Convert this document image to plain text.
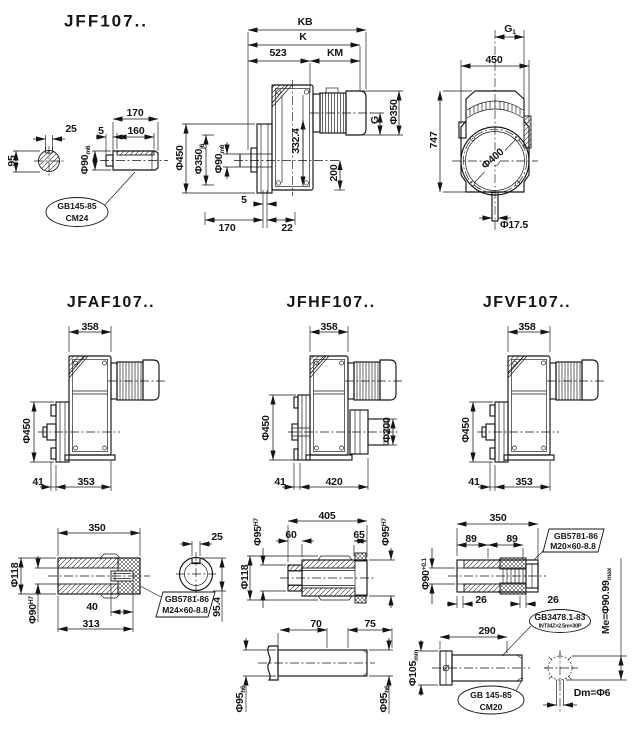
JFF107..
25 5
170
160
95	$\Phi 90_{m6}$
GB145-85
CM24
KB
K
523	KM
G Φ350
Φ450 $\Phi 350_{j6}$
$\Phi 90_{m6}$	332.4
200
5
170	22
$G_1$
450
747
Φ400
Φ17.5
JFAF107..
358
Φ450
41	353
JFHF107..
358
Φ450	Φ200
41	420
JFVF107..
358
Φ450
41	353
350
25
Φ118
$\Phi 90^{H7}$
40
313
95.4
GB5781-86
M24×60-8.8
$\Phi 95^{H7}$
405
$\Phi 95^{H7}$
60	65
Φ118
70	75
$\Phi 95_{h6}$
$\Phi 95_{h6}$
350
89	89	GB5781-86
M20×60-8.8
$\Phi 90^{+0.1}$
26	26
GB3478.1-83
INT34Z×2.5m×30P
290
$\Phi 105_{min}$
GB 145-85
CM20
$Me=\Phi 90.99_{max}$
Dm=Φ6
